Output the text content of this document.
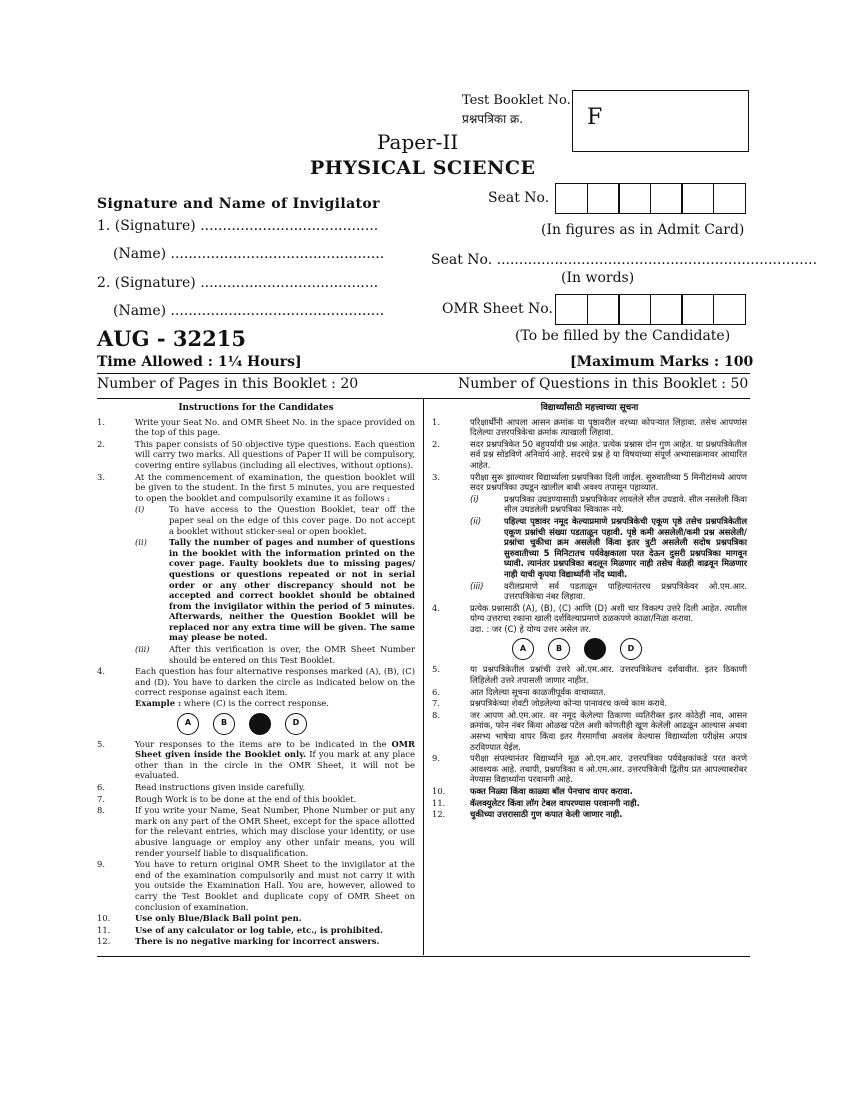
Test Booklet No.
प्रश्नपत्रिका क्र.	F
Paper-II
PHYSICAL SCIENCE
Signature and Name of Invigilator
1. (Signature) ........................................
(Name) ................................................
2. (Signature) ........................................
(Name) ................................................
Seat No.
(In figures as in Admit Card)
Seat No. ........................................................................
(In words)
OMR Sheet No.
(To be filled by the Candidate)
AUG - 32215
Time Allowed : 1¼ Hours]	[Maximum Marks : 100
Number of Pages in this Booklet : 20	Number of Questions in this Booklet : 50
Instructions for the Candidates
1.	Write your Seat No. and OMR Sheet No. in the space provided on the top of this page.
2.	This paper consists of 50 objective type questions. Each question will carry two marks. All questions of Paper II will be compulsory, covering entire syllabus (including all electives, without options).
3.	At the commencement of examination, the question booklet will be given to the student. In the first 5 minutes, you are requested to open the booklet and compulsorily examine it as follows :
(i)	To have access to the Question Booklet, tear off the paper seal on the edge of this cover page. Do not accept a booklet without sticker-seal or open booklet.
(ii)	Tally the number of pages and number of questions in the booklet with the information printed on the cover page. Faulty booklets due to missing pages/ questions or questions repeated or not in serial order or any other discrepancy should not be accepted and correct booklet should be obtained from the invigilator within the period of 5 minutes. Afterwards, neither the Question Booklet will be replaced nor any extra time will be given. The same may please be noted.
(iii)	After this verification is over, the OMR Sheet Number should be entered on this Test Booklet.
4.	Each question has four alternative responses marked (A), (B), (C) and (D). You have to darken the circle as indicated below on the correct response against each item.
Example : where (C) is the correct response.
A	B	C	D
5.	Your responses to the items are to be indicated in the OMR Sheet given inside the Booklet only. If you mark at any place other than in the circle in the OMR Sheet, it will not be evaluated.
6.	Read instructions given inside carefully.
7.	Rough Work is to be done at the end of this booklet.
8.	If you write your Name, Seat Number, Phone Number or put any mark on any part of the OMR Sheet, except for the space allotted for the relevant entries, which may disclose your identity, or use abusive language or employ any other unfair means, you will render yourself liable to disqualification.
9.	You have to return original OMR Sheet to the invigilator at the end of the examination compulsorily and must not carry it with you outside the Examination Hall. You are, however, allowed to carry the Test Booklet and duplicate copy of OMR Sheet on conclusion of examination.
10.	Use only Blue/Black Ball point pen.
11.	Use of any calculator or log table, etc., is prohibited.
12.	There is no negative marking for incorrect answers.
विद्यार्थ्यांसाठी महत्त्वाच्या सूचना
1.	परिक्षार्थींनी आपला आसन क्रमांक या पृष्ठावरील वरच्या कोपऱ्यात लिहावा. तसेच आपणांस दिलेल्या उत्तरपत्रिकेचा क्रमांक त्याखाली लिहावा.
2.	सदर प्रश्नपत्रिकेत 50 बहुपर्यायी प्रश्न आहेत. प्रत्येक प्रश्नास दोन गुण आहेत. या प्रश्नपत्रिकेतील सर्व प्रश्न सोडविणे अनिवार्य आहे. सदरचे प्रश्न हे या विषयाच्या संपूर्ण अभ्यासक्रमावर आधारित आहेत.
3.	परीक्षा सुरू झाल्यावर विद्यार्थ्याला प्रश्नपत्रिका दिली जाईल. सुरुवातीच्या 5 मिनीटांमध्ये आपण सदर प्रश्नपत्रिका उघडून खालील बाबी अवश्य तपासून पहाव्यात.
(i)	प्रश्नपत्रिका उघडण्यासाठी प्रश्नपत्रिकेवर लावलेले सील उघडावे. सील नसलेली किंवा सील उघडलेली प्रश्नपत्रिका स्विकारू नये.
(ii)	पहिल्या पृष्ठावर नमूद केल्याप्रमाणे प्रश्नपत्रिकेची एकूण पृष्ठे तसेच प्रश्नपत्रिकेतील एकूण प्रश्नांची संख्या पडताळून पहावी. पृष्ठे कमी असलेली/कमी प्रश्न असलेली/प्रश्नांचा चुकीचा क्रम असलेली किंवा इतर त्रुटी असलेली सदोष प्रश्नपत्रिका सुरुवातीच्या 5 मिनिटातच पर्यवेक्षकाला परत देऊन दुसरी प्रश्नपत्रिका मागवून घ्यावी. त्यानंतर प्रश्नपत्रिका बदलून मिळणार नाही तसेच वेळही वाढवून मिळणार नाही याची कृपया विद्यार्थ्यांनी नोंद घ्यावी.
(iii)	वरीलप्रमाणे सर्व पडताळून पाहिल्यानंतरच प्रश्नपत्रिकेवर ओ.एम.आर. उत्तरपत्रिकेचा नंबर लिहावा.
4.	प्रत्येक प्रश्नासाठी (A), (B), (C) आणि (D) अशी चार विकल्प उत्तरे दिली आहेत. त्यातील योग्य उत्तराचा रकाना खाली दर्शविल्याप्रमाणे ठळकपणे काळा/निळा करावा.
उदा. : जर (C) हे योग्य उत्तर असेल तर.
A	B	C	D
5.	या प्रश्नपत्रिकेतील प्रश्नांची उत्तरे ओ.एम.आर. उत्तरपत्रिकेतच दर्शवावीत. इतर ठिकाणी लिहिलेली उत्तरे तपासली जाणार नाहीत.
6.	आत दिलेल्या सूचना काळजीपूर्वक वाचाव्यात.
7.	प्रश्नपत्रिकेच्या शेवटी जोडलेल्या कोऱ्या पानावरच कच्चे काम करावे.
8.	जर आपण ओ.एम.आर. वर नमूद केलेल्या ठिकाणा व्यतिरीक्त इतर कोठेही नाव, आसन क्रमांक, फोन नंबर किंवा ओळख पटेल अशी कोणतीही खूण केलेली आढळून आल्यास अथवा असभ्य भाषेचा वापर किंवा इतर गैरमार्गांचा अवलंब केल्यास विद्यार्थ्याला परीक्षेस अपात्र ठरविण्यात येईल.
9.	परीक्षा संपल्यानंतर विद्यार्थ्याने मूळ ओ.एम.आर. उत्तरपत्रिका पर्यवेक्षकांकडे परत करणे आवश्यक आहे. तथापी, प्रश्नपत्रिका व ओ.एम.आर. उत्तरपत्रिकेची द्वितीय प्रत आपल्याबरोबर नेण्यास विद्यार्थ्यांना परवानगी आहे.
10.	फक्त निळ्या किंवा काळ्या बॉल पेनचाच वापर करावा.
11.	कॅलक्युलेटर किंवा लॉग टेबल वापरण्यास परवानगी नाही.
12.	चुकीच्या उत्तरासाठी गुण कपात केली जाणार नाही.
